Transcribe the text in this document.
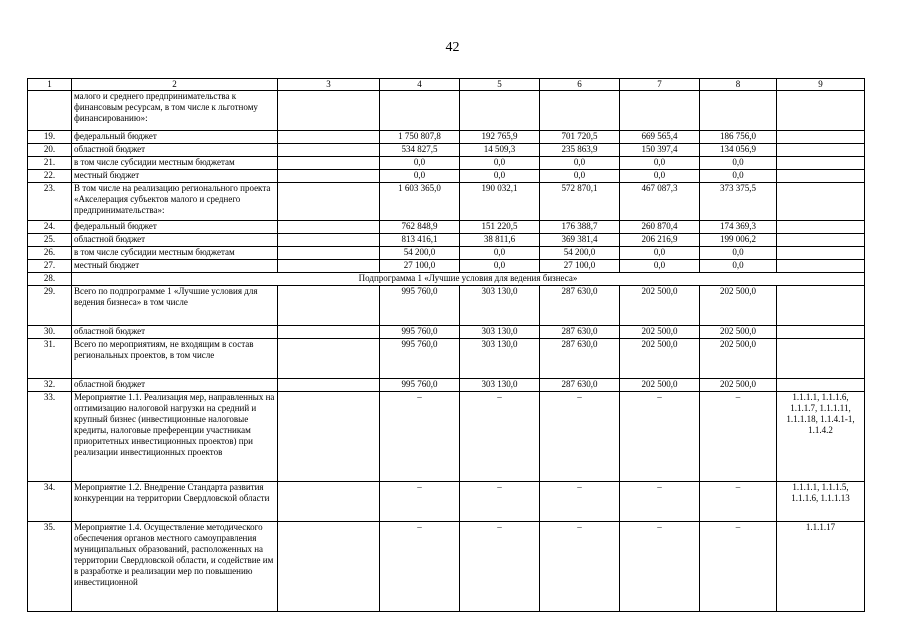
42
1	2	3	4	5	6	7	8	9
	малого и среднего предпринимательства к финансовым ресурсам, в том числе к льготному финансированию»:							
19.	федеральный бюджет		1 750 807,8	192 765,9	701 720,5	669 565,4	186 756,0	
20.	областной бюджет		534 827,5	14 509,3	235 863,9	150 397,4	134 056,9	
21.	в том числе субсидии местным бюджетам		0,0	0,0	0,0	0,0	0,0	
22.	местный бюджет		0,0	0,0	0,0	0,0	0,0	
23.	В том числе на реализацию регионального проекта «Акселерация субъектов малого и среднего предпринимательства»:		1 603 365,0	190 032,1	572 870,1	467 087,3	373 375,5	
24.	федеральный бюджет		762 848,9	151 220,5	176 388,7	260 870,4	174 369,3	
25.	областной бюджет		813 416,1	38 811,6	369 381,4	206 216,9	199 006,2	
26.	в том числе субсидии местным бюджетам		54 200,0	0,0	54 200,0	0,0	0,0	
27.	местный бюджет		27 100,0	0,0	27 100,0	0,0	0,0	
28.	Подпрограмма 1 «Лучшие условия для ведения бизнеса»							
29.	Всего по подпрограмме 1 «Лучшие условия для ведения бизнеса» в том числе		995 760,0	303 130,0	287 630,0	202 500,0	202 500,0	
30.	областной бюджет		995 760,0	303 130,0	287 630,0	202 500,0	202 500,0	
31.	Всего по мероприятиям, не входящим в состав региональных проектов, в том числе		995 760,0	303 130,0	287 630,0	202 500,0	202 500,0	
32.	областной бюджет		995 760,0	303 130,0	287 630,0	202 500,0	202 500,0	
33.	Мероприятие 1.1. Реализация мер, направленных на оптимизацию налоговой нагрузки на средний и крупный бизнес (инвестиционные налоговые кредиты, налоговые преференции участникам приоритетных инвестиционных проектов) при реализации инвестиционных проектов		–	–	–	–	–	1.1.1.1, 1.1.1.6, 1.1.1.7, 1.1.1.11, 1.1.1.18, 1.1.4.1-1, 1.1.4.2
34.	Мероприятие 1.2. Внедрение Стандарта развития конкуренции на территории Свердловской области		–	–	–	–	–	1.1.1.1, 1.1.1.5, 1.1.1.6, 1.1.1.13
35.	Мероприятие 1.4. Осуществление методического обеспечения органов местного самоуправления муниципальных образований, расположенных на территории Свердловской области, и содействие им в разработке и реализации мер по повышению инвестиционной		–	–	–	–	–	1.1.1.17
